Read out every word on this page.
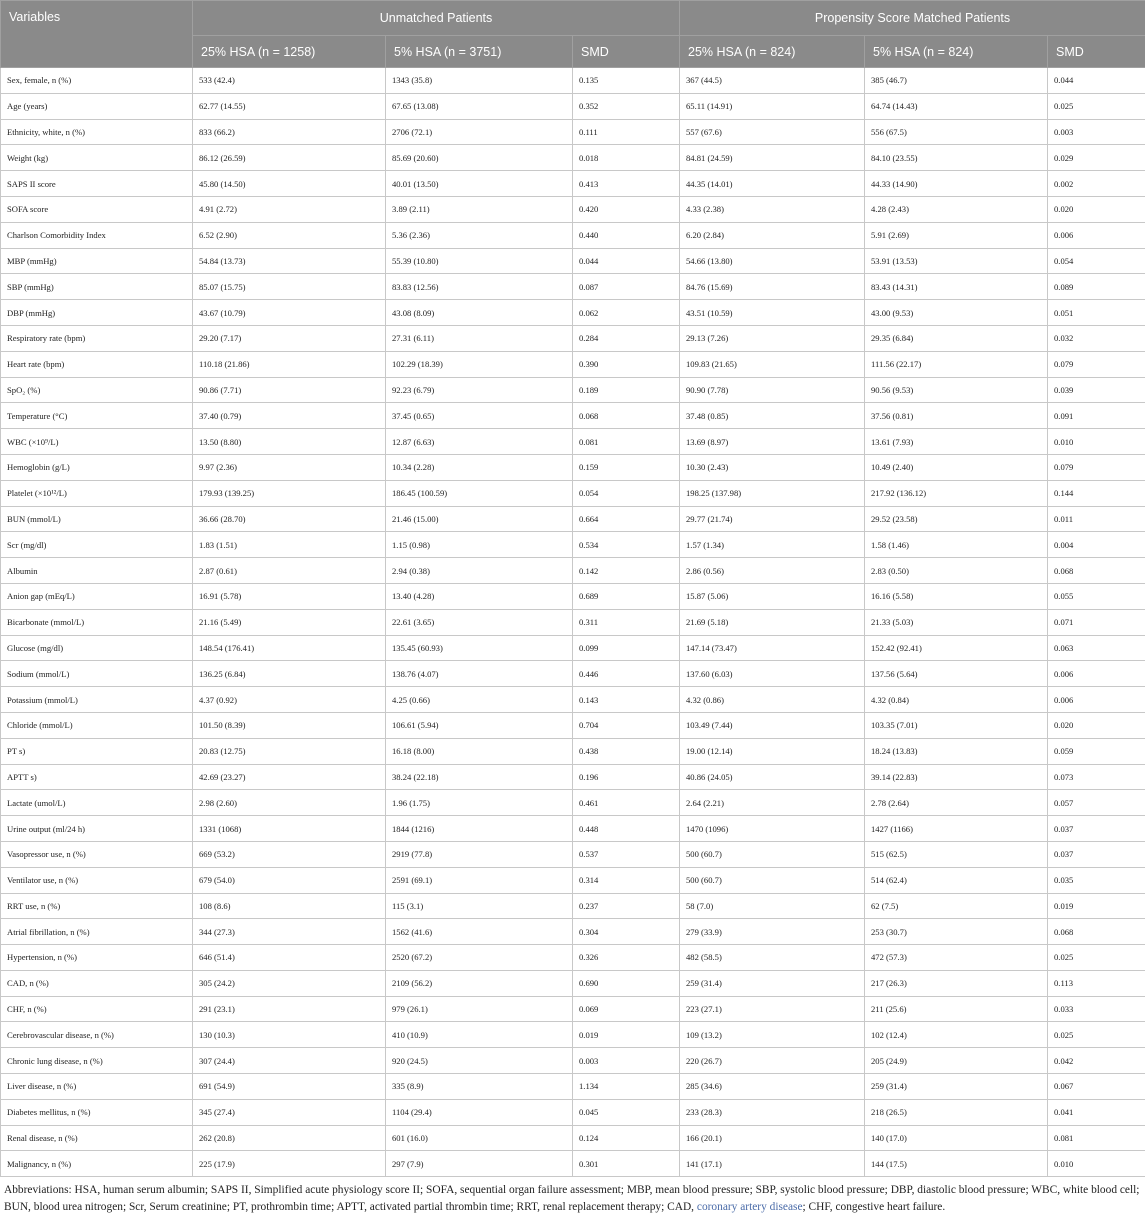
Variables	Unmatched Patients			Propensity Score Matched Patients		
	25% HSA (n = 1258)	5% HSA (n = 3751)	SMD	25% HSA (n = 824)	5% HSA (n = 824)	SMD
Sex, female, n (%)	533 (42.4)	1343 (35.8)	0.135	367 (44.5)	385 (46.7)	0.044
Age (years)	62.77 (14.55)	67.65 (13.08)	0.352	65.11 (14.91)	64.74 (14.43)	0.025
Ethnicity, white, n (%)	833 (66.2)	2706 (72.1)	0.111	557 (67.6)	556 (67.5)	0.003
Weight (kg)	86.12 (26.59)	85.69 (20.60)	0.018	84.81 (24.59)	84.10 (23.55)	0.029
SAPS II score	45.80 (14.50)	40.01 (13.50)	0.413	44.35 (14.01)	44.33 (14.90)	0.002
SOFA score	4.91 (2.72)	3.89 (2.11)	0.420	4.33 (2.38)	4.28 (2.43)	0.020
Charlson Comorbidity Index	6.52 (2.90)	5.36 (2.36)	0.440	6.20 (2.84)	5.91 (2.69)	0.006
MBP (mmHg)	54.84 (13.73)	55.39 (10.80)	0.044	54.66 (13.80)	53.91 (13.53)	0.054
SBP (mmHg)	85.07 (15.75)	83.83 (12.56)	0.087	84.76 (15.69)	83.43 (14.31)	0.089
DBP (mmHg)	43.67 (10.79)	43.08 (8.09)	0.062	43.51 (10.59)	43.00 (9.53)	0.051
Respiratory rate (bpm)	29.20 (7.17)	27.31 (6.11)	0.284	29.13 (7.26)	29.35 (6.84)	0.032
Heart rate (bpm)	110.18 (21.86)	102.29 (18.39)	0.390	109.83 (21.65)	111.56 (22.17)	0.079
SpO₂ (%)	90.86 (7.71)	92.23 (6.79)	0.189	90.90 (7.78)	90.56 (9.53)	0.039
Temperature (°C)	37.40 (0.79)	37.45 (0.65)	0.068	37.48 (0.85)	37.56 (0.81)	0.091
WBC (×10⁹/L)	13.50 (8.80)	12.87 (6.63)	0.081	13.69 (8.97)	13.61 (7.93)	0.010
Hemoglobin (g/L)	9.97 (2.36)	10.34 (2.28)	0.159	10.30 (2.43)	10.49 (2.40)	0.079
Platelet (×10¹²/L)	179.93 (139.25)	186.45 (100.59)	0.054	198.25 (137.98)	217.92 (136.12)	0.144
BUN (mmol/L)	36.66 (28.70)	21.46 (15.00)	0.664	29.77 (21.74)	29.52 (23.58)	0.011
Scr (mg/dl)	1.83 (1.51)	1.15 (0.98)	0.534	1.57 (1.34)	1.58 (1.46)	0.004
Albumin	2.87 (0.61)	2.94 (0.38)	0.142	2.86 (0.56)	2.83 (0.50)	0.068
Anion gap (mEq/L)	16.91 (5.78)	13.40 (4.28)	0.689	15.87 (5.06)	16.16 (5.58)	0.055
Bicarbonate (mmol/L)	21.16 (5.49)	22.61 (3.65)	0.311	21.69 (5.18)	21.33 (5.03)	0.071
Glucose (mg/dl)	148.54 (176.41)	135.45 (60.93)	0.099	147.14 (73.47)	152.42 (92.41)	0.063
Sodium (mmol/L)	136.25 (6.84)	138.76 (4.07)	0.446	137.60 (6.03)	137.56 (5.64)	0.006
Potassium (mmol/L)	4.37 (0.92)	4.25 (0.66)	0.143	4.32 (0.86)	4.32 (0.84)	0.006
Chloride (mmol/L)	101.50 (8.39)	106.61 (5.94)	0.704	103.49 (7.44)	103.35 (7.01)	0.020
PT s)	20.83 (12.75)	16.18 (8.00)	0.438	19.00 (12.14)	18.24 (13.83)	0.059
APTT s)	42.69 (23.27)	38.24 (22.18)	0.196	40.86 (24.05)	39.14 (22.83)	0.073
Lactate (umol/L)	2.98 (2.60)	1.96 (1.75)	0.461	2.64 (2.21)	2.78 (2.64)	0.057
Urine output (ml/24 h)	1331 (1068)	1844 (1216)	0.448	1470 (1096)	1427 (1166)	0.037
Vasopressor use, n (%)	669 (53.2)	2919 (77.8)	0.537	500 (60.7)	515 (62.5)	0.037
Ventilator use, n (%)	679 (54.0)	2591 (69.1)	0.314	500 (60.7)	514 (62.4)	0.035
RRT use, n (%)	108 (8.6)	115 (3.1)	0.237	58 (7.0)	62 (7.5)	0.019
Atrial fibrillation, n (%)	344 (27.3)	1562 (41.6)	0.304	279 (33.9)	253 (30.7)	0.068
Hypertension, n (%)	646 (51.4)	2520 (67.2)	0.326	482 (58.5)	472 (57.3)	0.025
CAD, n (%)	305 (24.2)	2109 (56.2)	0.690	259 (31.4)	217 (26.3)	0.113
CHF, n (%)	291 (23.1)	979 (26.1)	0.069	223 (27.1)	211 (25.6)	0.033
Cerebrovascular disease, n (%)	130 (10.3)	410 (10.9)	0.019	109 (13.2)	102 (12.4)	0.025
Chronic lung disease, n (%)	307 (24.4)	920 (24.5)	0.003	220 (26.7)	205 (24.9)	0.042
Liver disease, n (%)	691 (54.9)	335 (8.9)	1.134	285 (34.6)	259 (31.4)	0.067
Diabetes mellitus, n (%)	345 (27.4)	1104 (29.4)	0.045	233 (28.3)	218 (26.5)	0.041
Renal disease, n (%)	262 (20.8)	601 (16.0)	0.124	166 (20.1)	140 (17.0)	0.081
Malignancy, n (%)	225 (17.9)	297 (7.9)	0.301	141 (17.1)	144 (17.5)	0.010
Abbreviations: HSA, human serum albumin; SAPS II, Simplified acute physiology score II; SOFA, sequential organ failure assessment; MBP, mean blood pressure; SBP, systolic blood pressure; DBP, diastolic blood pressure; WBC, white blood cell; BUN, blood urea nitrogen; Scr, Serum creatinine; PT, prothrombin time; APTT, activated partial thrombin time; RRT, renal replacement therapy; CAD, coronary artery disease; CHF, congestive heart failure.
